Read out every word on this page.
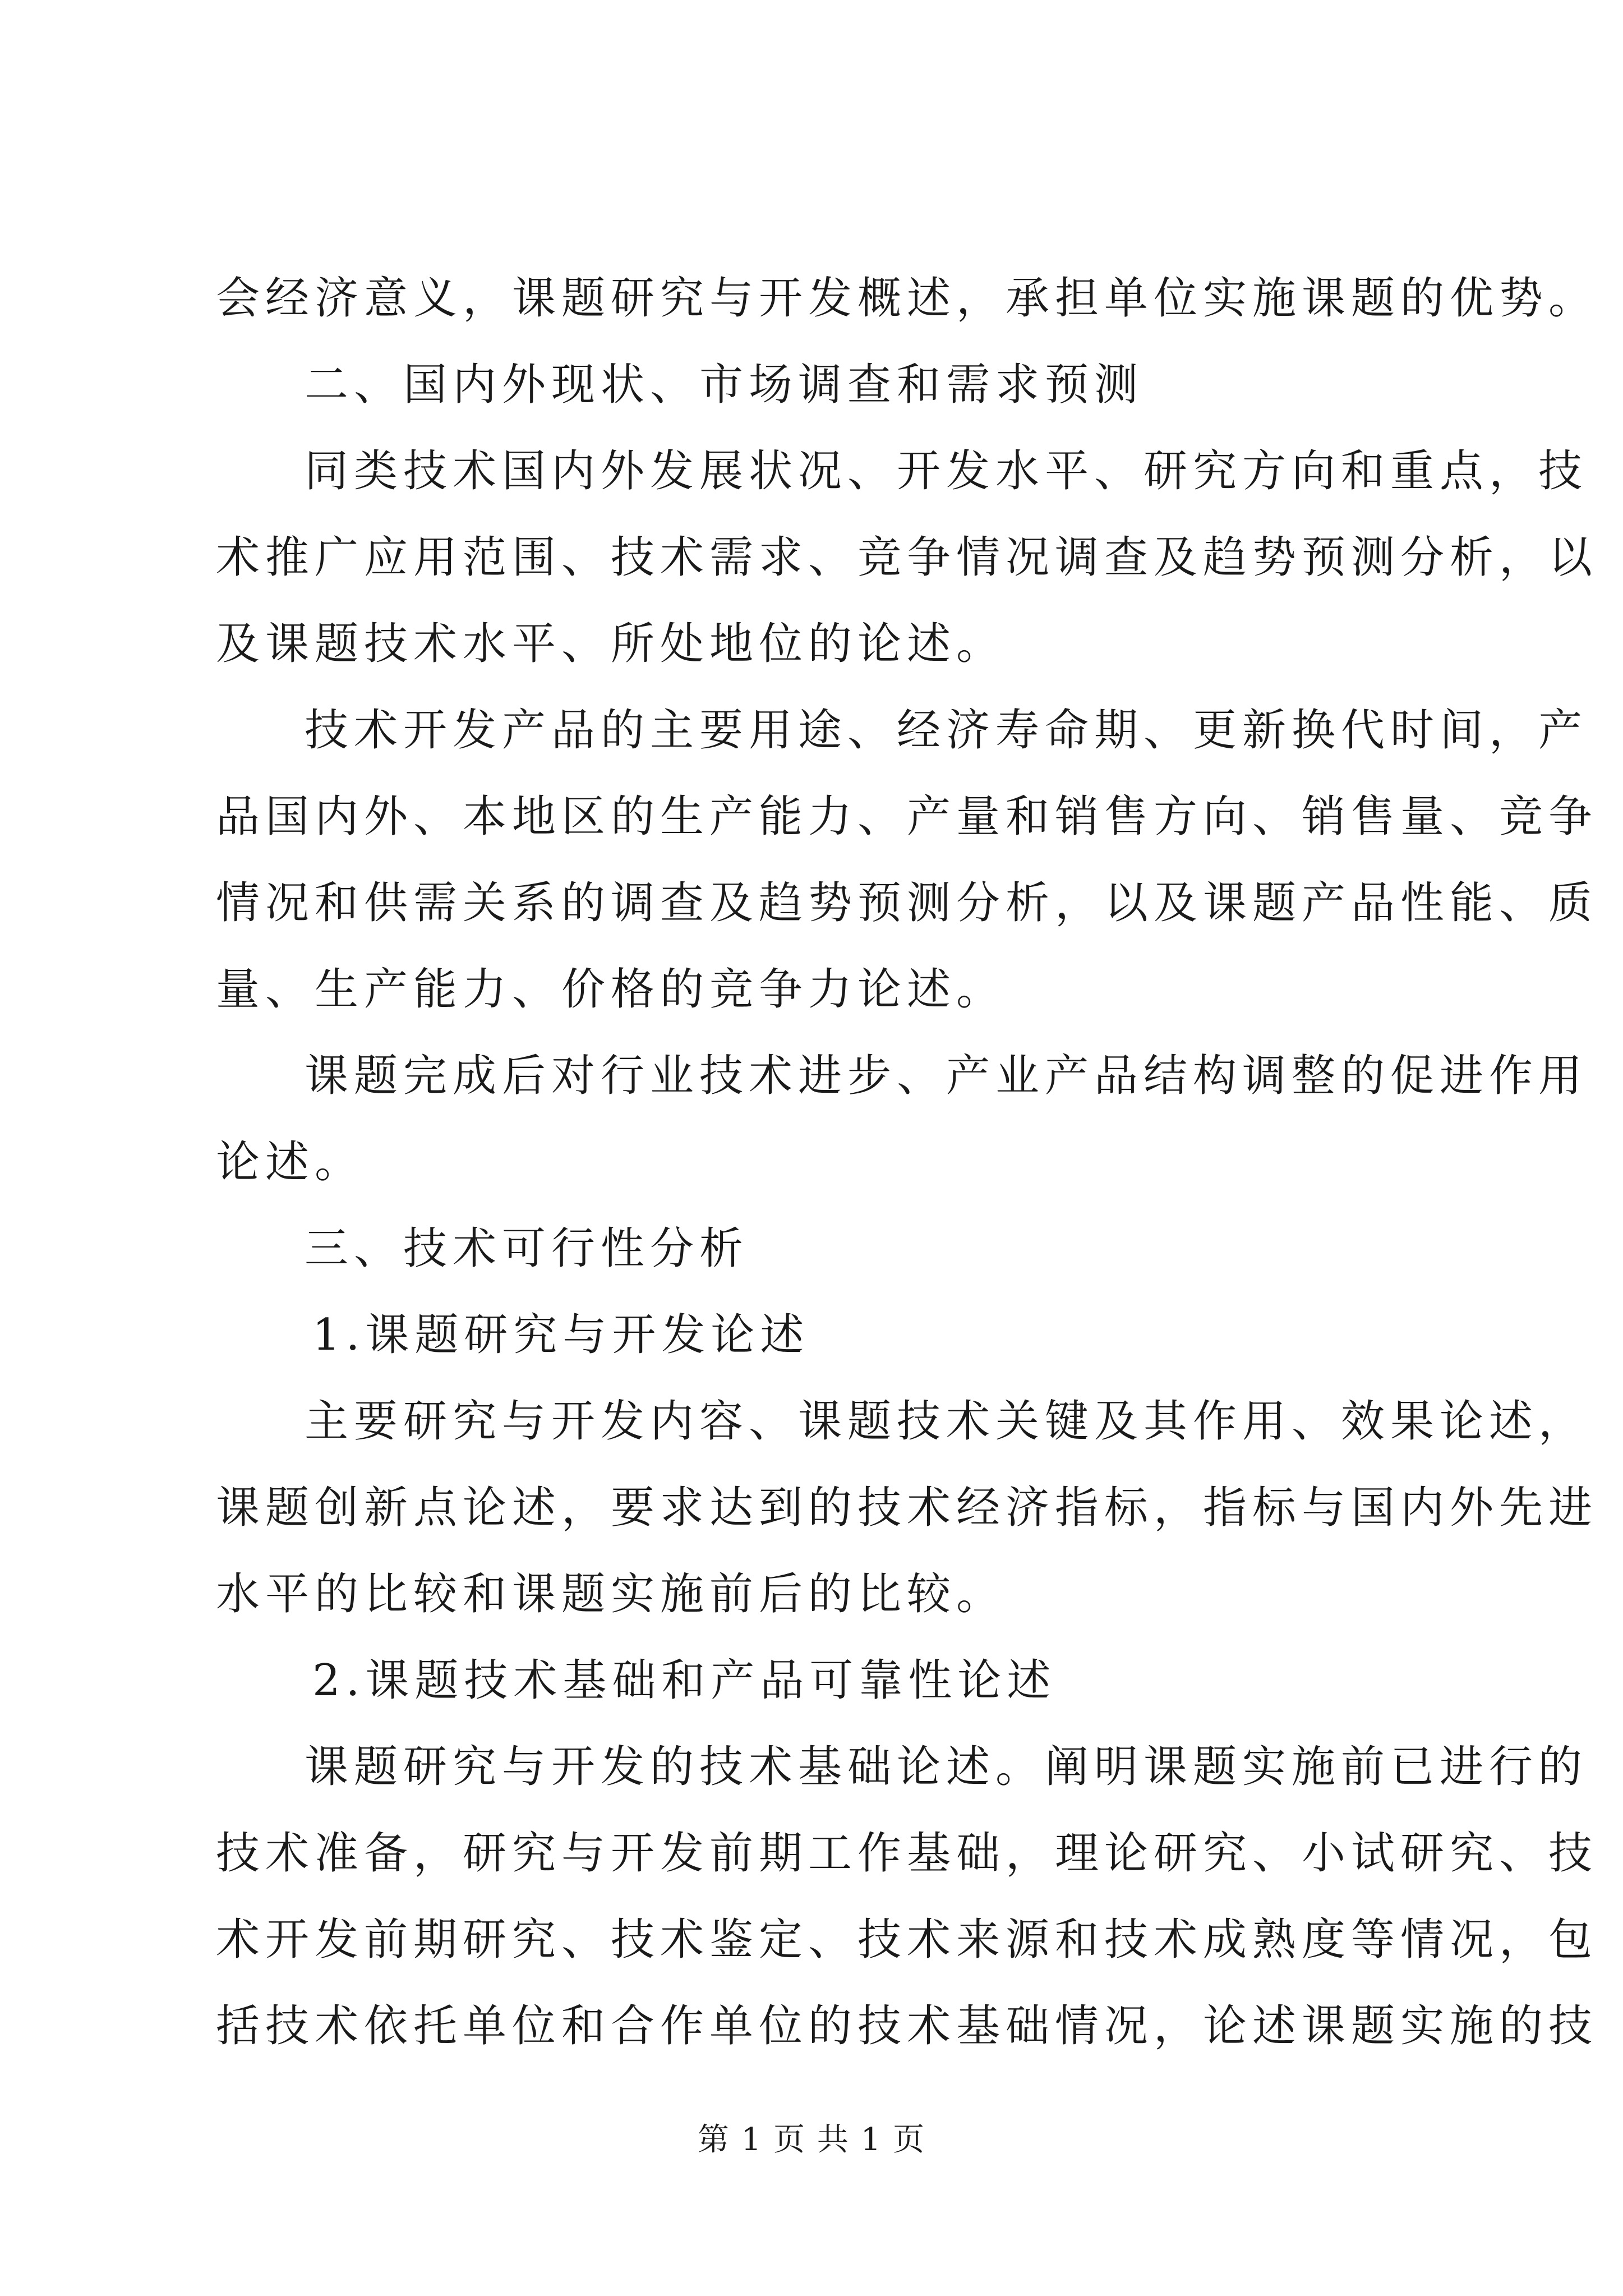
会经济意义，课题研究与开发概述，承担单位实施课题的优势。
二、国内外现状、市场调查和需求预测
同类技术国内外发展状况、开发水平、研究方向和重点，技
术推广应用范围、技术需求、竞争情况调查及趋势预测分析，以
及课题技术水平、所处地位的论述。
技术开发产品的主要用途、经济寿命期、更新换代时间，产
品国内外、本地区的生产能力、产量和销售方向、销售量、竞争
情况和供需关系的调查及趋势预测分析，以及课题产品性能、质
量、生产能力、价格的竞争力论述。
课题完成后对行业技术进步、产业产品结构调整的促进作用
论述。
三、技术可行性分析
1.课题研究与开发论述
主要研究与开发内容、课题技术关键及其作用、效果论述，
课题创新点论述，要求达到的技术经济指标，指标与国内外先进
水平的比较和课题实施前后的比较。
2.课题技术基础和产品可靠性论述
课题研究与开发的技术基础论述。阐明课题实施前已进行的
技术准备，研究与开发前期工作基础，理论研究、小试研究、技
术开发前期研究、技术鉴定、技术来源和技术成熟度等情况，包
括技术依托单位和合作单位的技术基础情况，论述课题实施的技
第 1 页 共 1 页
